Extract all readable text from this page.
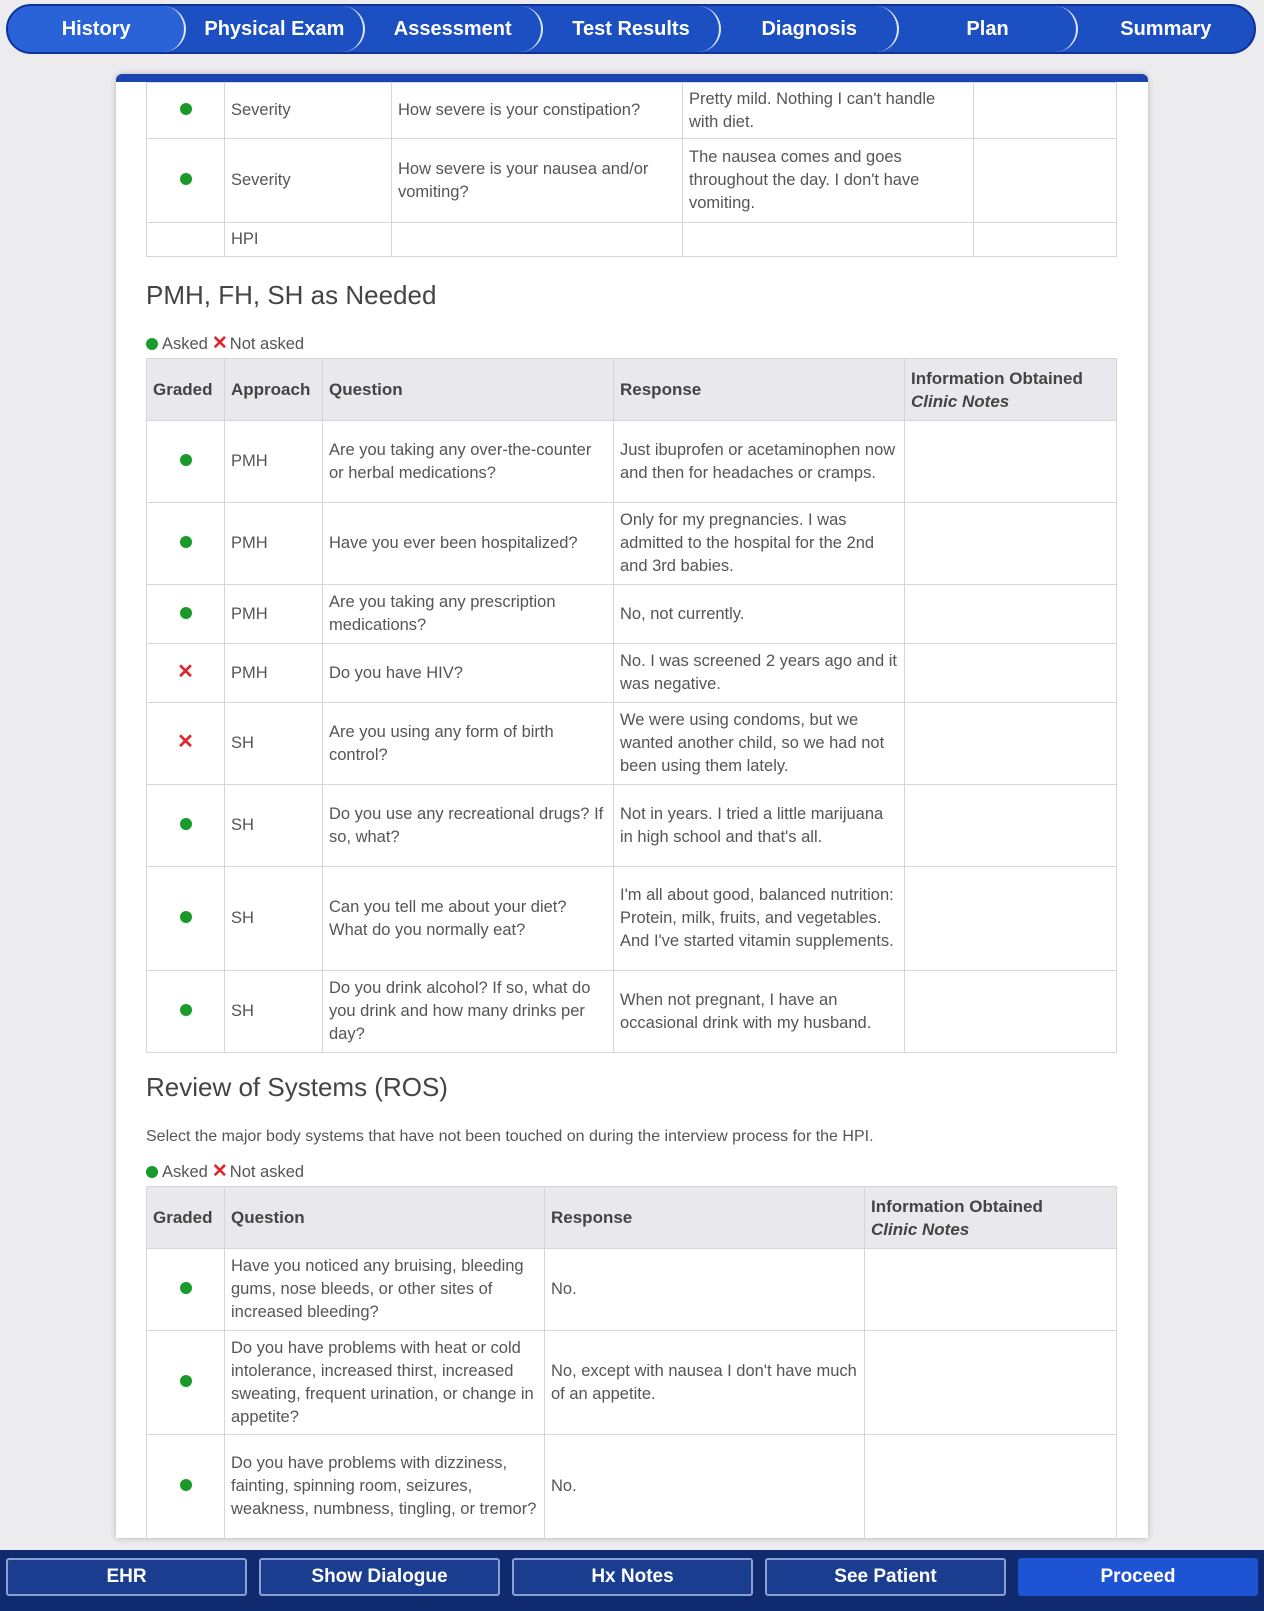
History	Physical Exam	Assessment	Test Results	Diagnosis	Plan	Summary
	Severity	How severe is your constipation?	Pretty mild. Nothing I can't handle with diet.	
	Severity	How severe is your nausea and/or vomiting?	The nausea comes and goes throughout the day. I don't have vomiting.	
	HPI			
PMH, FH, SH as Needed
Asked ✕ Not asked
Graded	Approach	Question	Response	Information Obtained
Clinic Notes
	PMH	Are you taking any over-the-counter or herbal medications?	Just ibuprofen or acetaminophen now and then for headaches or cramps.	
	PMH	Have you ever been hospitalized?	Only for my pregnancies. I was admitted to the hospital for the 2nd and 3rd babies.	
	PMH	Are you taking any prescription medications?	No, not currently.	
✕	PMH	Do you have HIV?	No. I was screened 2 years ago and it was negative.	
✕	SH	Are you using any form of birth control?	We were using condoms, but we wanted another child, so we had not been using them lately.	
	SH	Do you use any recreational drugs? If so, what?	Not in years. I tried a little marijuana in high school and that's all.	
	SH	Can you tell me about your diet? What do you normally eat?	I'm all about good, balanced nutrition: Protein, milk, fruits, and vegetables. And I've started vitamin supplements.	
	SH	Do you drink alcohol? If so, what do you drink and how many drinks per day?	When not pregnant, I have an occasional drink with my husband.	
Review of Systems (ROS)
Select the major body systems that have not been touched on during the interview process for the HPI.
Asked ✕ Not asked
Graded	Question	Response	Information Obtained
Clinic Notes
	Have you noticed any bruising, bleeding gums, nose bleeds, or other sites of increased bleeding?	No.	
	Do you have problems with heat or cold intolerance, increased thirst, increased sweating, frequent urination, or change in appetite?	No, except with nausea I don't have much of an appetite.	
	Do you have problems with dizziness, fainting, spinning room, seizures, weakness, numbness, tingling, or tremor?	No.	
EHR	Show Dialogue	Hx Notes	See Patient	Proceed
